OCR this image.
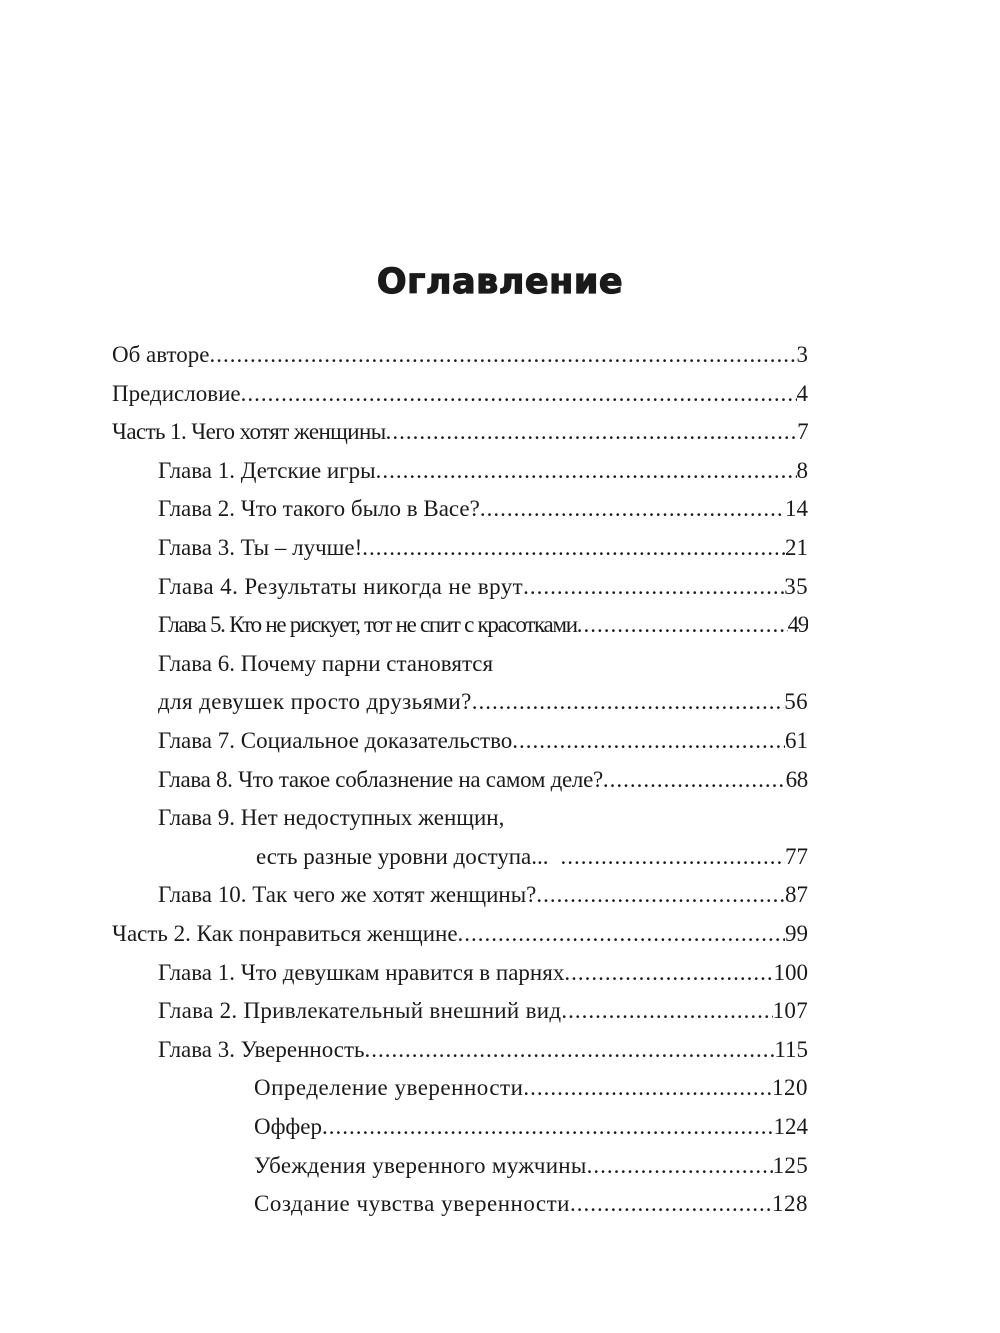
Оглавление
Об авторе .....	3
Предисловие .....	4
Часть 1. Чего хотят женщины .....	7
Глава 1. Детские игры .....	8
Глава 2. Что такого было в Васе? .....	14
Глава 3. Ты – лучше! .....	21
Глава 4. Результаты никогда не врут .....	35
Глава 5. Кто не рискует, тот не спит с красотками .....	49
Глава 6. Почему парни становятся
для девушек просто друзьями? .....	56
Глава 7. Социальное доказательство .....	61
Глава 8. Что такое соблазнение на самом деле? .....	68
Глава 9. Нет недоступных женщин,
есть разные уровни доступа... .....	77
Глава 10. Так чего же хотят женщины? .....	87
Часть 2. Как понравиться женщине .....	99
Глава 1. Что девушкам нравится в парнях .....	100
Глава 2. Привлекательный внешний вид .....	107
Глава 3. Уверенность .....	115
Определение уверенности .....	120
Оффер .....	124
Убеждения уверенного мужчины .....	125
Создание чувства уверенности .....	128
